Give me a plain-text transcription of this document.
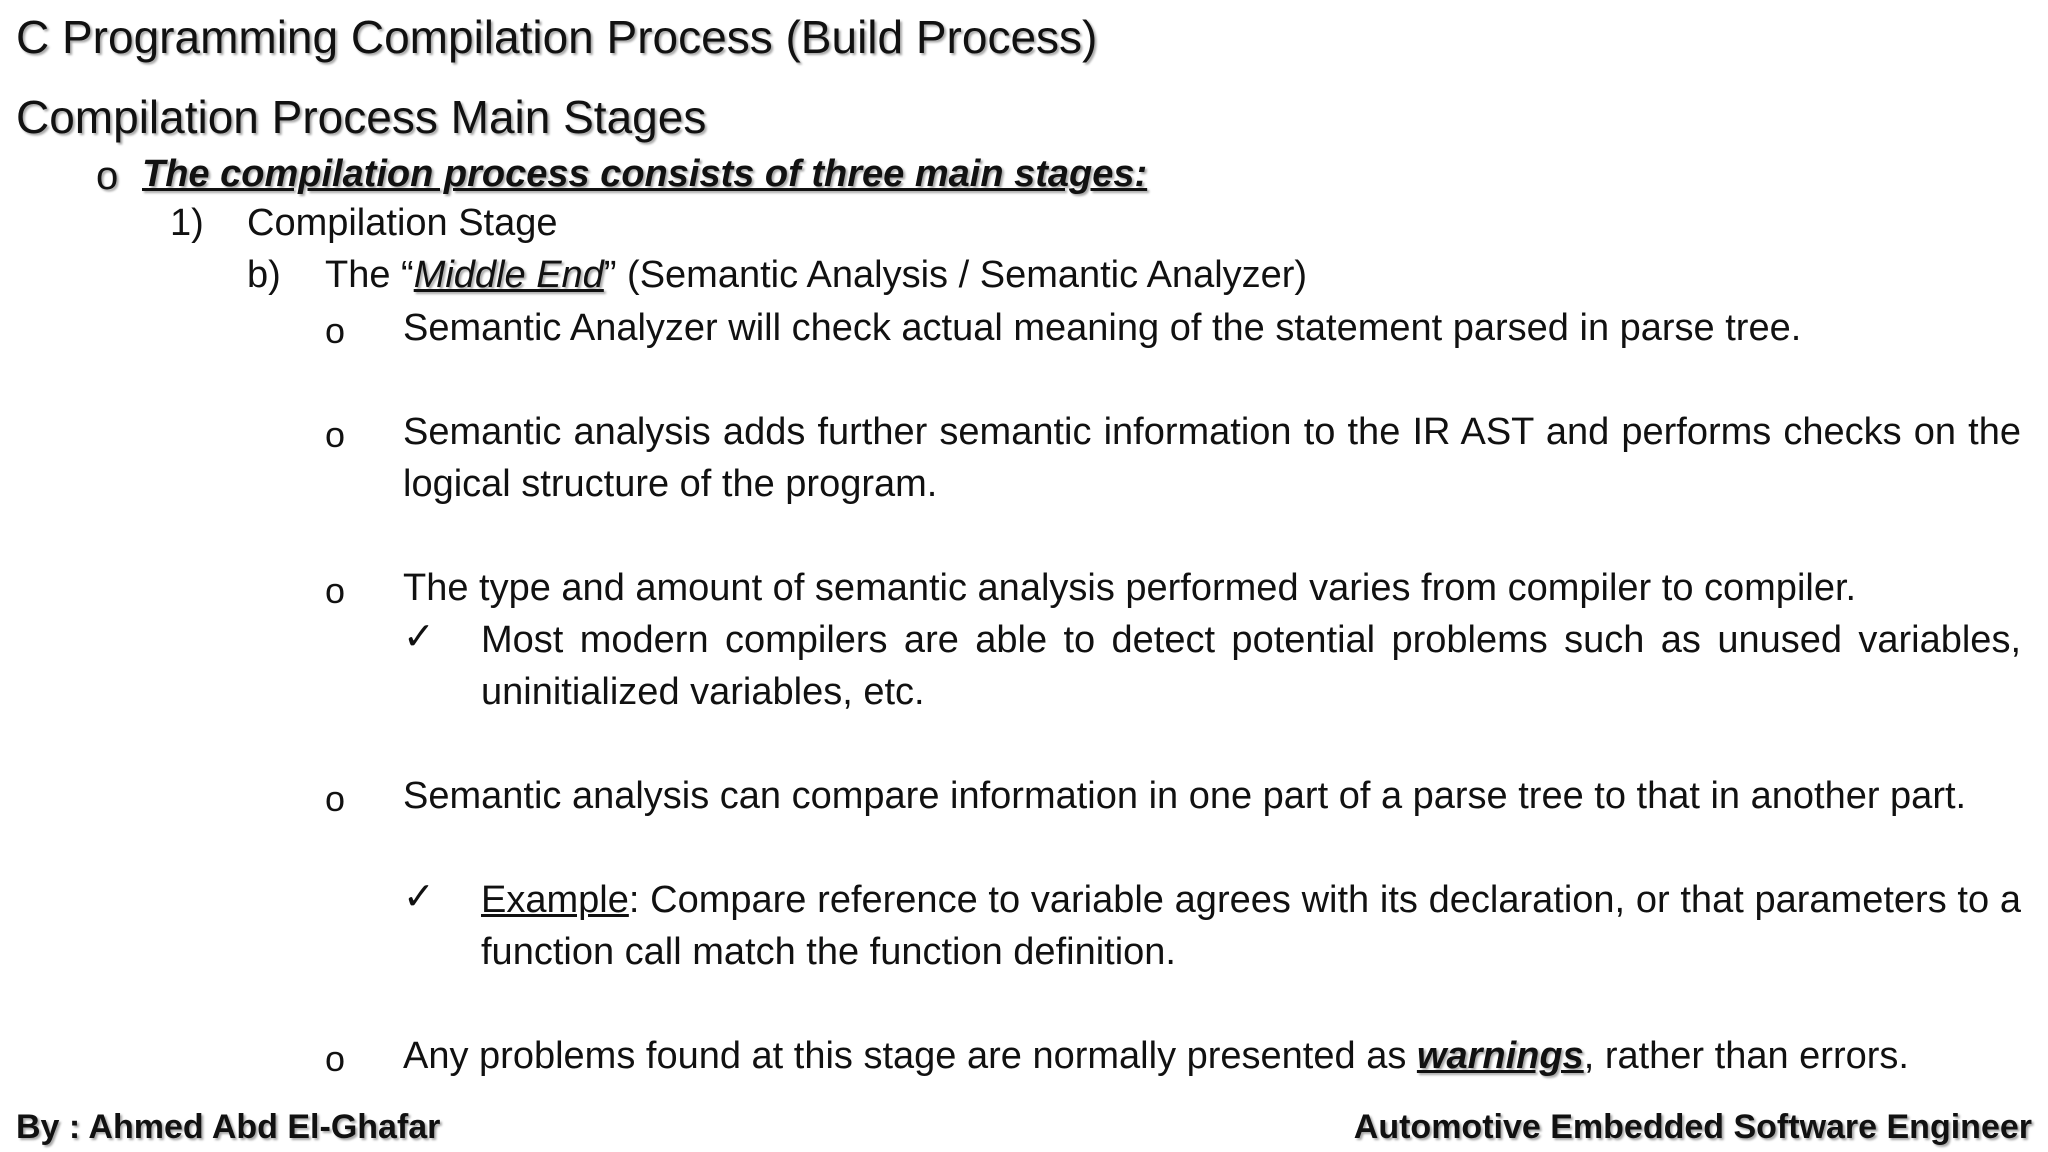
C Programming Compilation Process (Build Process)
Compilation Process Main Stages
o The compilation process consists of three main stages:
1) Compilation Stage
b) The “Middle End” (Semantic Analysis / Semantic Analyzer)
o Semantic Analyzer will check actual meaning of the statement parsed in parse tree.

o Semantic analysis adds further semantic information to the IR AST and performs checks on the logical structure of the program.

o The type and amount of semantic analysis performed varies from compiler to compiler.

✓ Most modern compilers are able to detect potential problems such as unused variables, uninitialized variables, etc.

o Semantic analysis can compare information in one part of a parse tree to that in another part.

✓ Example: Compare reference to variable agrees with its declaration, or that parameters to a function call match the function definition.

o Any problems found at this stage are normally presented as warnings, rather than errors.

By : Ahmed Abd El-Ghafar	Automotive Embedded Software Engineer
